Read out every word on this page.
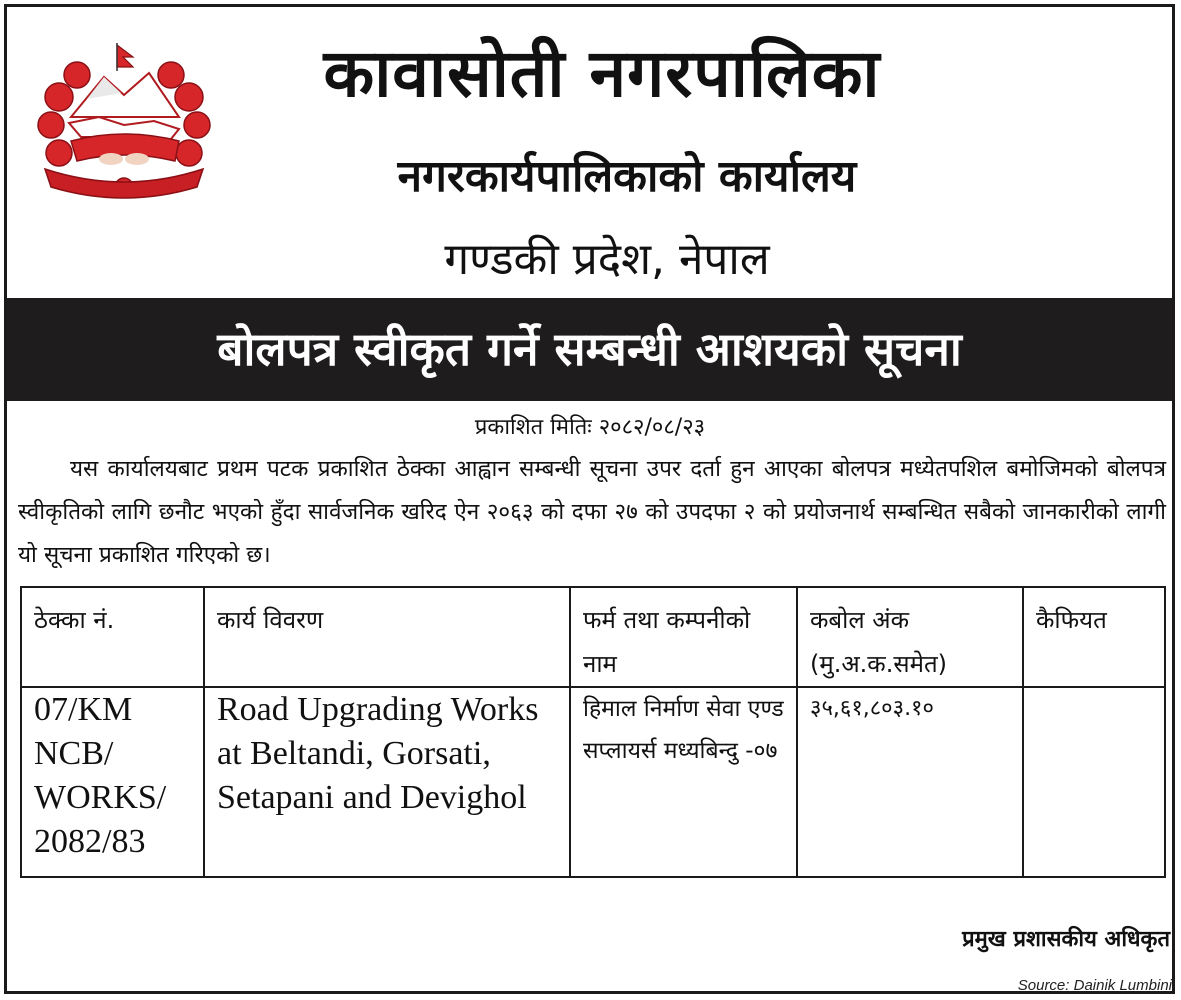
कावासोती नगरपालिका
नगरकार्यपालिकाको कार्यालय
गण्डकी प्रदेश, नेपाल
बोलपत्र स्वीकृत गर्ने सम्बन्धी आशयको सूचना
प्रकाशित मितिः २०८२/०८/२३

यस कार्यालयबाट प्रथम पटक प्रकाशित ठेक्का आह्वान सम्बन्धी सूचना उपर दर्ता हुन आएका बोलपत्र मध्येतपशिल बमोजिमको बोलपत्र स्वीकृतिको लागि छनौट भएको हुँदा सार्वजनिक खरिद ऐन २०६३ को दफा २७ को उपदफा २ को प्रयोजनार्थ सम्बन्धित सबैको जानकारीको लागी यो सूचना प्रकाशित गरिएको छ।

ठेक्का नं.	कार्य विवरण	फर्म तथा कम्पनीको नाम	कबोल अंक (मु.अ.क.समेत)	कैफियत
07/KM NCB/ WORKS/ 2082/83	Road Upgrading Works at Beltandi, Gorsati, Setapani and Devighol	हिमाल निर्माण सेवा एण्ड सप्लायर्स मध्यबिन्दु -०७	३५,६१,८०३.१०	
प्रमुख प्रशासकीय अधिकृत
Source: Dainik Lumbini
